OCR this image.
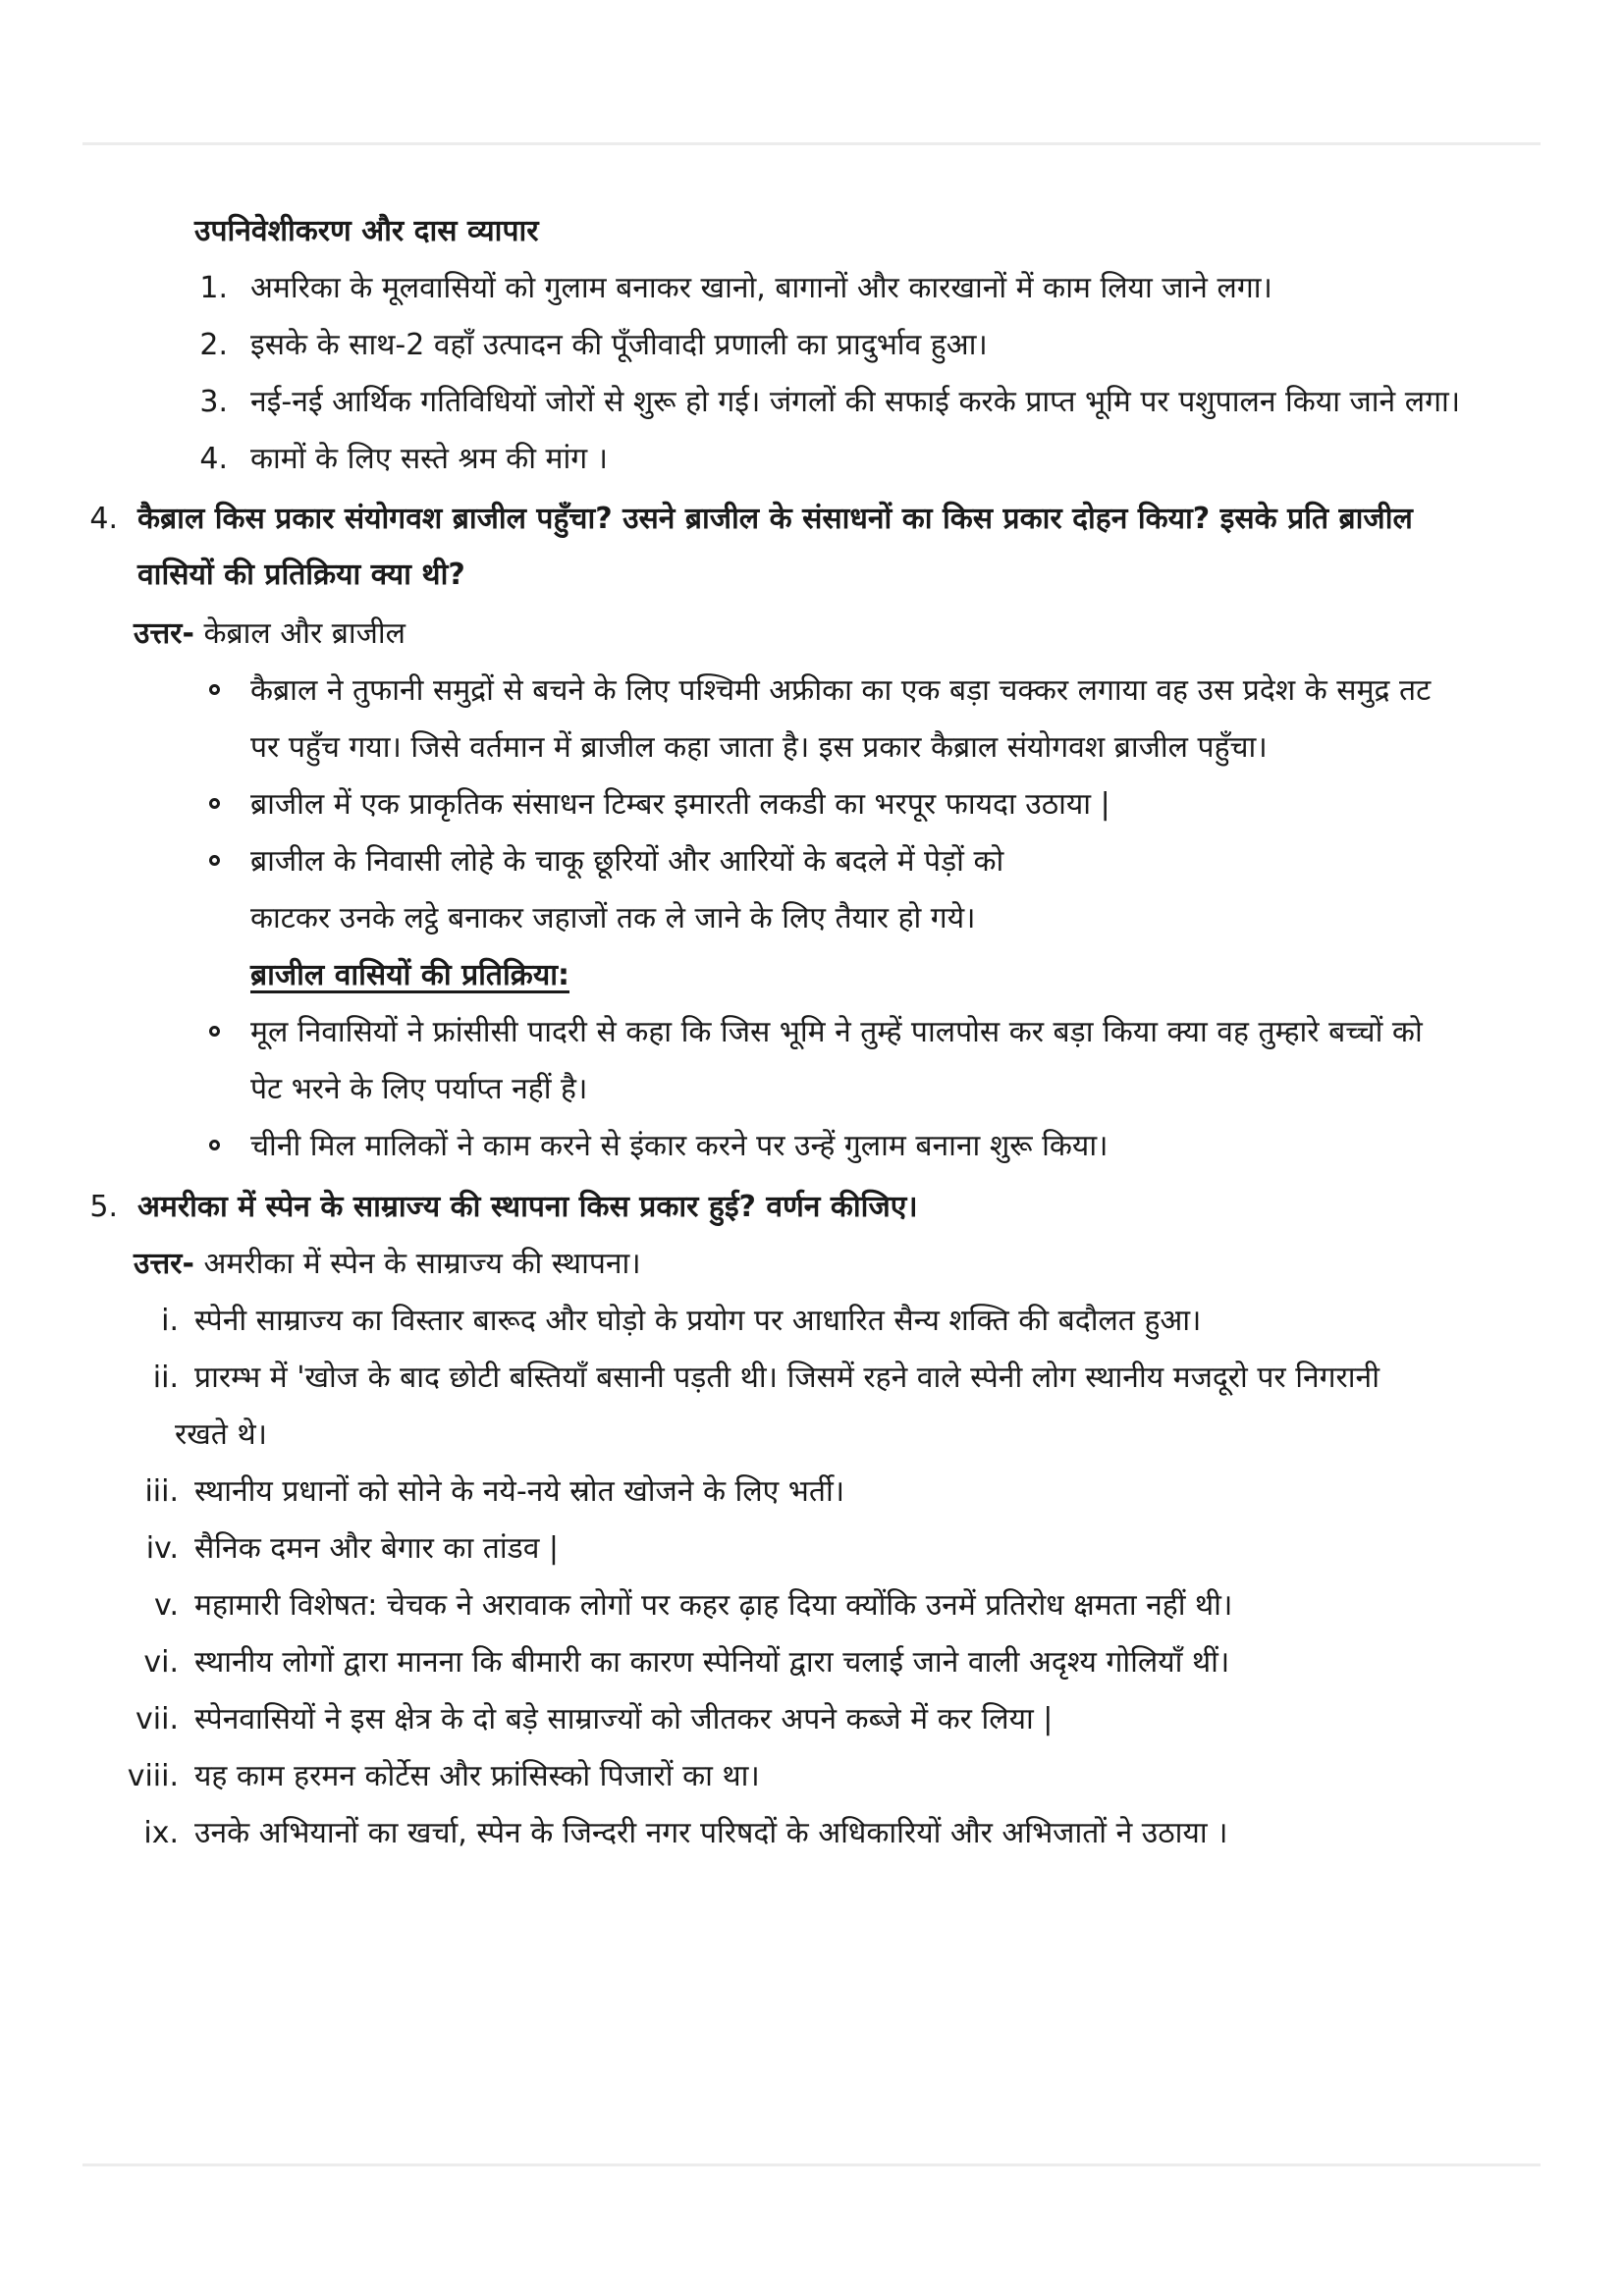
उपनिवेशीकरण और दास व्यापार
1. अमरिका के मूलवासियों को गुलाम बनाकर खानो, बागानों और कारखानों में काम लिया जाने लगा।
2. इसके के साथ-2 वहाँ उत्पादन की पूँजीवादी प्रणाली का प्रादुर्भाव हुआ।
3. नई-नई आर्थिक गतिविधियों जोरों से शुरू हो गई। जंगलों की सफाई करके प्राप्त भूमि पर पशुपालन किया जाने लगा।
4. कामों के लिए सस्ते श्रम की मांग ।
4. कैब्राल किस प्रकार संयोगवश ब्राजील पहुँचा? उसने ब्राजील के संसाधनों का किस प्रकार दोहन किया? इसके प्रति ब्राजील
वासियों की प्रतिक्रिया क्या थी?
उत्तर- केब्राल और ब्राजील
कैब्राल ने तुफानी समुद्रों से बचने के लिए पश्चिमी अफ्रीका का एक बड़ा चक्कर लगाया वह उस प्रदेश के समुद्र तट
पर पहुँच गया। जिसे वर्तमान में ब्राजील कहा जाता है। इस प्रकार कैब्राल संयोगवश ब्राजील पहुँचा।
ब्राजील में एक प्राकृतिक संसाधन टिम्बर इमारती लकडी का भरपूर फायदा उठाया |
ब्राजील के निवासी लोहे के चाकू छूरियों और आरियों के बदले में पेड़ों को
काटकर उनके लट्ठे बनाकर जहाजों तक ले जाने के लिए तैयार हो गये।
ब्राजील वासियों की प्रतिक्रिया:
मूल निवासियों ने फ्रांसीसी पादरी से कहा कि जिस भूमि ने तुम्हें पालपोस कर बड़ा किया क्या वह तुम्हारे बच्चों को
पेट भरने के लिए पर्याप्त नहीं है।
चीनी मिल मालिकों ने काम करने से इंकार करने पर उन्हें गुलाम बनाना शुरू किया।
5. अमरीका में स्पेन के साम्राज्य की स्थापना किस प्रकार हुई? वर्णन कीजिए।
उत्तर- अमरीका में स्पेन के साम्राज्य की स्थापना।
i. स्पेनी साम्राज्य का विस्तार बारूद और घोड़ो के प्रयोग पर आधारित सैन्य शक्ति की बदौलत हुआ।
ii. प्रारम्भ में 'खोज के बाद छोटी बस्तियाँ बसानी पड़ती थी। जिसमें रहने वाले स्पेनी लोग स्थानीय मजदूरो पर निगरानी
रखते थे।
iii. स्थानीय प्रधानों को सोने के नये-नये स्रोत खोजने के लिए भर्ती।
iv. सैनिक दमन और बेगार का तांडव |
v. महामारी विशेषत: चेचक ने अरावाक लोगों पर कहर ढ़ाह दिया क्योंकि उनमें प्रतिरोध क्षमता नहीं थी।
vi. स्थानीय लोगों द्वारा मानना कि बीमारी का कारण स्पेनियों द्वारा चलाई जाने वाली अदृश्य गोलियाँ थीं।
vii. स्पेनवासियों ने इस क्षेत्र के दो बड़े साम्राज्यों को जीतकर अपने कब्जे में कर लिया |
viii. यह काम हरमन कोर्टेस और फ्रांसिस्को पिजारों का था।
ix. उनके अभियानों का खर्चा, स्पेन के जिन्दरी नगर परिषदों के अधिकारियों और अभिजातों ने उठाया ।
